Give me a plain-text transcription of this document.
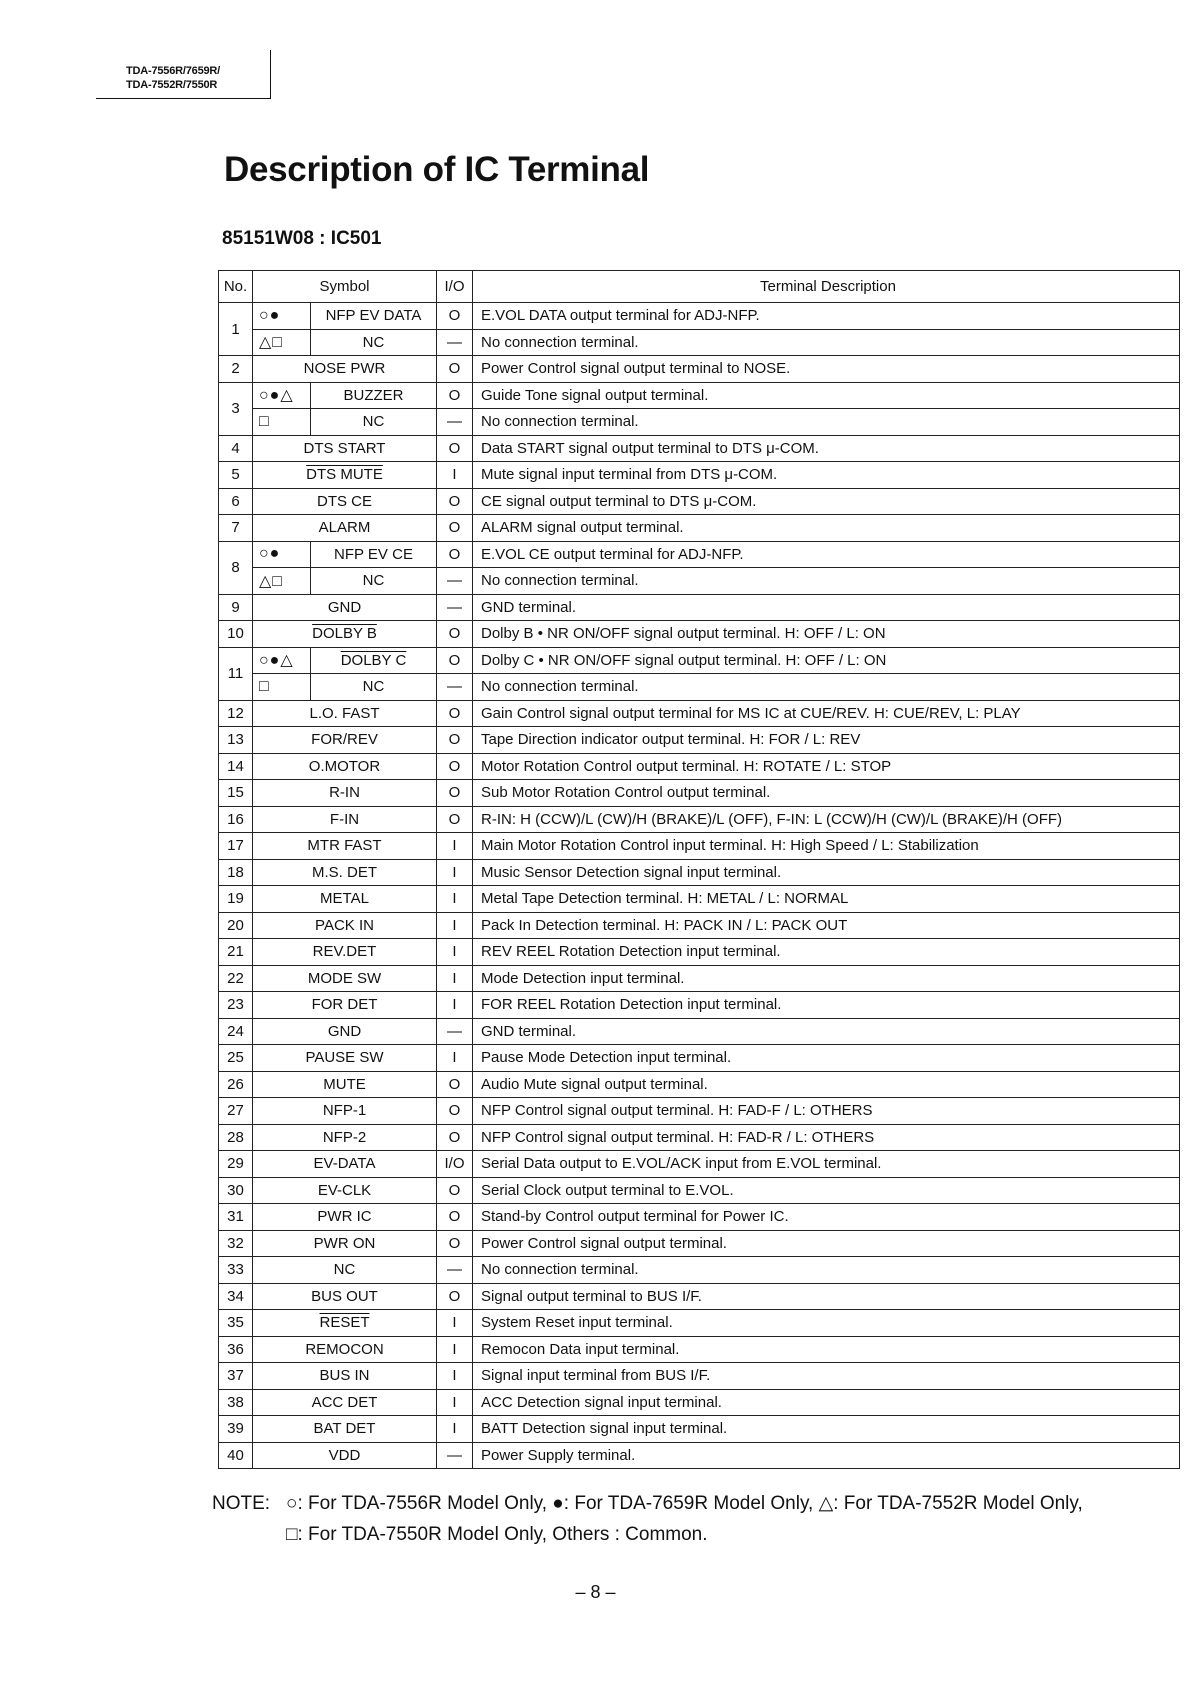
TDA-7556R/7659R/
TDA-7552R/7550R
Description of IC Terminal
85151W08 : IC501
No.	Symbol		I/O	Terminal Description
1	○●	NFP EV DATA	O	E.VOL DATA output terminal for ADJ-NFP.
	△□	NC	—	No connection terminal.
2	NOSE PWR		O	Power Control signal output terminal to NOSE.
3	○●△	BUZZER	O	Guide Tone signal output terminal.
	□	NC	—	No connection terminal.
4	DTS START		O	Data START signal output terminal to DTS μ-COM.
5	DTS MUTE		I	Mute signal input terminal from DTS μ-COM.
6	DTS CE		O	CE signal output terminal to DTS μ-COM.
7	ALARM		O	ALARM signal output terminal.
8	○●	NFP EV CE	O	E.VOL CE output terminal for ADJ-NFP.
	△□	NC	—	No connection terminal.
9	GND		—	GND terminal.
10	DOLBY B		O	Dolby B • NR ON/OFF signal output terminal. H: OFF / L: ON
11	○●△	DOLBY C	O	Dolby C • NR ON/OFF signal output terminal. H: OFF / L: ON
	□	NC	—	No connection terminal.
12	L.O. FAST		O	Gain Control signal output terminal for MS IC at CUE/REV. H: CUE/REV, L: PLAY
13	FOR/REV		O	Tape Direction indicator output terminal. H: FOR / L: REV
14	O.MOTOR		O	Motor Rotation Control output terminal. H: ROTATE / L: STOP
15	R-IN		O	Sub Motor Rotation Control output terminal.
16	F-IN		O	R-IN: H (CCW)/L (CW)/H (BRAKE)/L (OFF), F-IN: L (CCW)/H (CW)/L (BRAKE)/H (OFF)
17	MTR FAST		I	Main Motor Rotation Control input terminal. H: High Speed / L: Stabilization
18	M.S. DET		I	Music Sensor Detection signal input terminal.
19	METAL		I	Metal Tape Detection terminal. H: METAL / L: NORMAL
20	PACK IN		I	Pack In Detection terminal. H: PACK IN / L: PACK OUT
21	REV.DET		I	REV REEL Rotation Detection input terminal.
22	MODE SW		I	Mode Detection input terminal.
23	FOR DET		I	FOR REEL Rotation Detection input terminal.
24	GND		—	GND terminal.
25	PAUSE SW		I	Pause Mode Detection input terminal.
26	MUTE		O	Audio Mute signal output terminal.
27	NFP-1		O	NFP Control signal output terminal. H: FAD-F / L: OTHERS
28	NFP-2		O	NFP Control signal output terminal. H: FAD-R / L: OTHERS
29	EV-DATA		I/O	Serial Data output to E.VOL/ACK input from E.VOL terminal.
30	EV-CLK		O	Serial Clock output terminal to E.VOL.
31	PWR IC		O	Stand-by Control output terminal for Power IC.
32	PWR ON		O	Power Control signal output terminal.
33	NC		—	No connection terminal.
34	BUS OUT		O	Signal output terminal to BUS I/F.
35	RESET		I	System Reset input terminal.
36	REMOCON		I	Remocon Data input terminal.
37	BUS IN		I	Signal input terminal from BUS I/F.
38	ACC DET		I	ACC Detection signal input terminal.
39	BAT DET		I	BATT Detection signal input terminal.
40	VDD		—	Power Supply terminal.
NOTE: ○: For TDA-7556R Model Only, ●: For TDA-7659R Model Only, △: For TDA-7552R Model Only,
□: For TDA-7550R Model Only, Others : Common.
– 8 –
